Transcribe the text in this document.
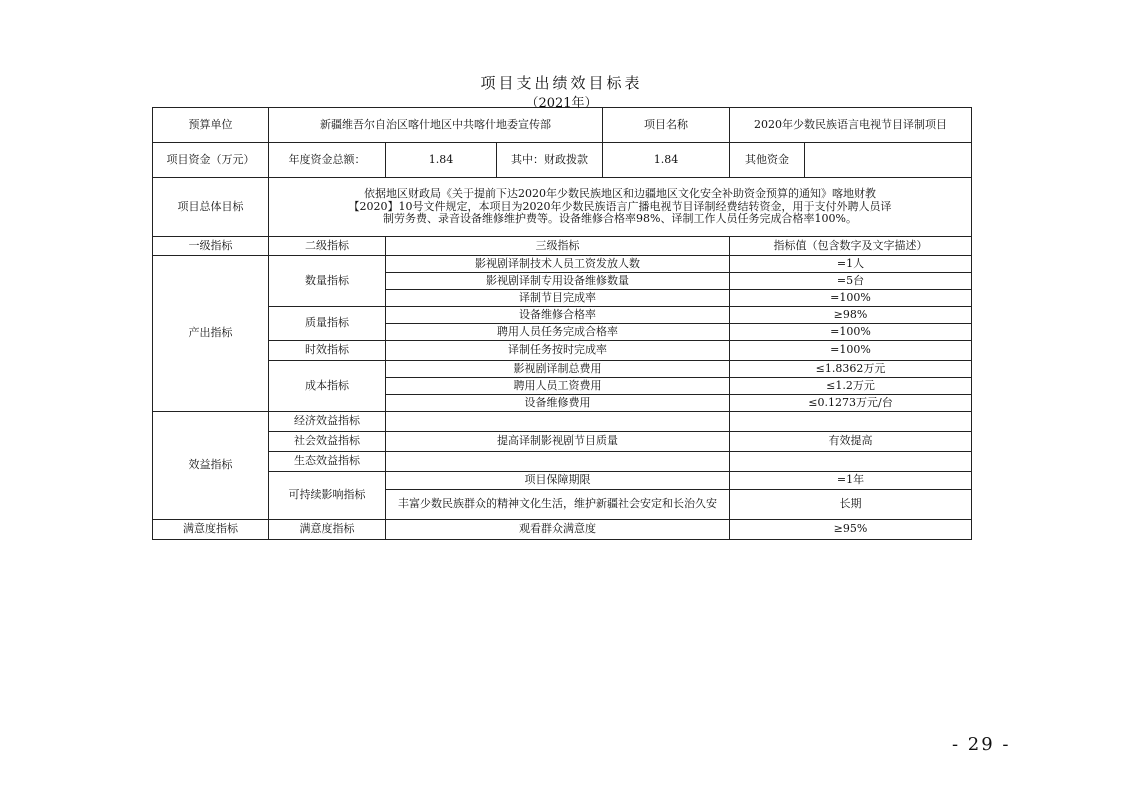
项目支出绩效目标表
（2021年）
预算单位	新疆维吾尔自治区喀什地区中共喀什地委宣传部			项目名称	2020年少数民族语言电视节目译制项目	
项目资金（万元）	年度资金总额：	1.84	其中：财政拨款	1.84	其他资金	
项目总体目标	依据地区财政局《关于提前下达2020年少数民族地区和边疆地区文化安全补助资金预算的通知》喀地财教
【2020】10号文件规定，本项目为2020年少数民族语言广播电视节目译制经费结转资金，用于支付外聘人员译
制劳务费、录音设备维修维护费等。设备维修合格率98%、译制工作人员任务完成合格率100%。					

一级指标	二级指标	三级指标			指标值（包含数字及文字描述）	
产出指标	数量指标	影视剧译制技术人员工资发放人数			=1人	
		影视剧译制专用设备维修数量			=5台	
		译制节目完成率			=100%	
	质量指标	设备维修合格率			≥98%	
		聘用人员任务完成合格率			=100%	
	时效指标	译制任务按时完成率			=100%	
	成本指标	影视剧译制总费用			≤1.8362万元	
		聘用人员工资费用			≤1.2万元	
		设备维修费用			≤0.1273万元/台	
效益指标	经济效益指标					
	社会效益指标	提高译制影视剧节目质量			有效提高	
	生态效益指标					
	可持续影响指标	项目保障期限			=1年	
		丰富少数民族群众的精神文化生活，维护新疆社会安定和长治久安			长期	
满意度指标	满意度指标	观看群众满意度			≥95%	
- 29 -
